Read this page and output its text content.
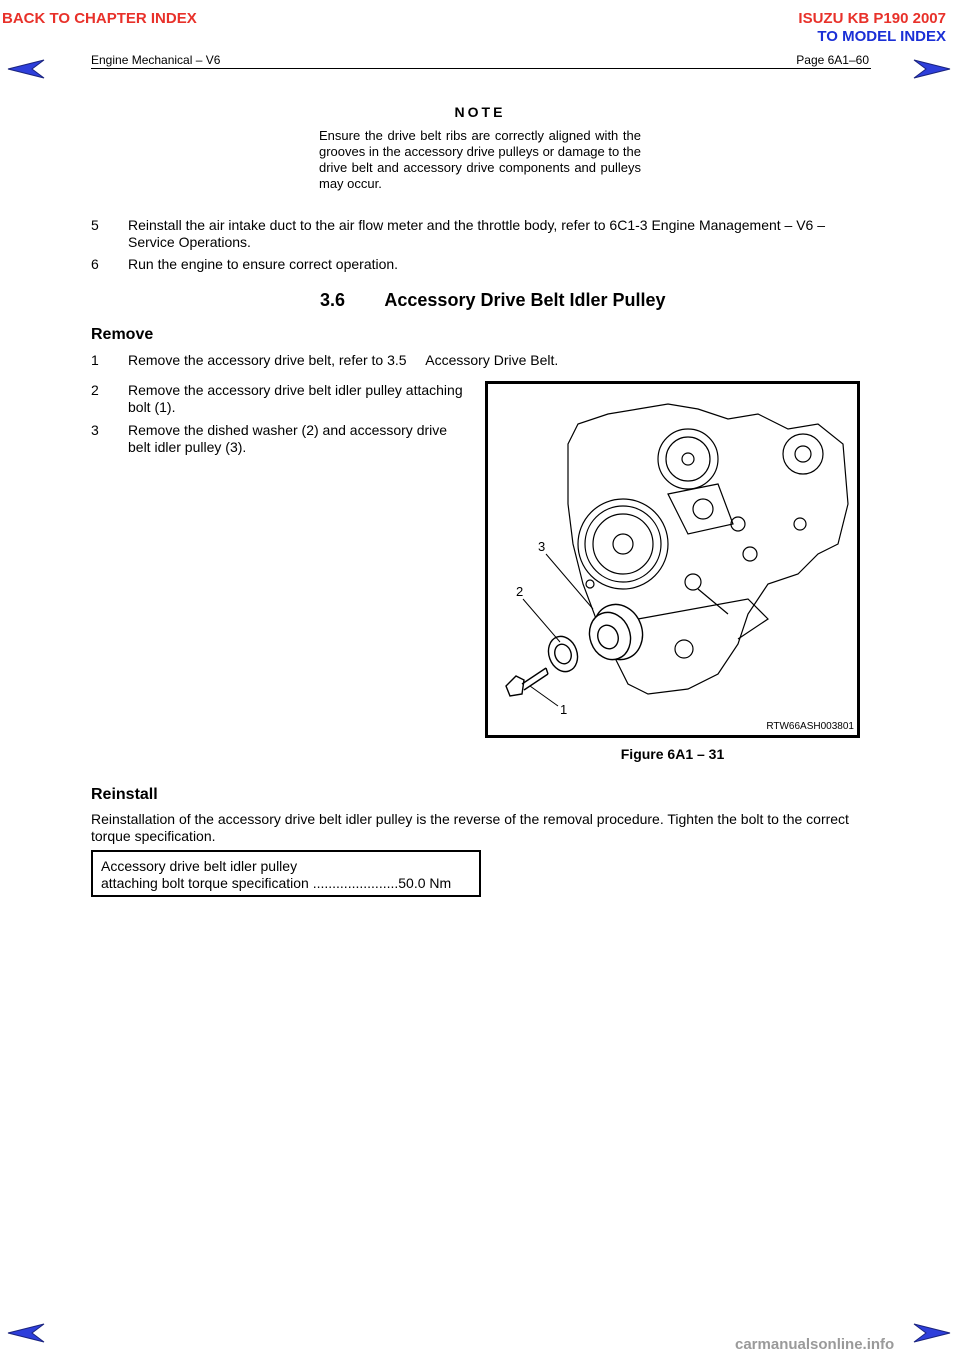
BACK TO CHAPTER INDEX	ISUZU KB P190 2007
TO MODEL INDEX
Engine Mechanical – V6	Page 6A1–60
NOTE
Ensure the drive belt ribs are correctly aligned with the grooves in the accessory drive pulleys or damage to the drive belt and accessory drive components and pulleys may occur.
5 Reinstall the air intake duct to the air flow meter and the throttle body, refer to 6C1-3 Engine Management – V6 – Service Operations.
6 Run the engine to ensure correct operation.
3.6 Accessory Drive Belt Idler Pulley
Remove
1 Remove the accessory drive belt, refer to 3.5     Accessory Drive Belt.
2 Remove the accessory drive belt idler pulley attaching bolt (1).
3 Remove the dished washer (2) and accessory drive belt idler pulley (3).
3
2
1
RTW66ASH003801
Figure 6A1 – 31
Reinstall
Reinstallation of the accessory drive belt idler pulley is the reverse of the removal procedure. Tighten the bolt to the correct torque specification.
Accessory drive belt idler pulley
attaching bolt torque specification ......................50.0 Nm
carmanualsonline.info
